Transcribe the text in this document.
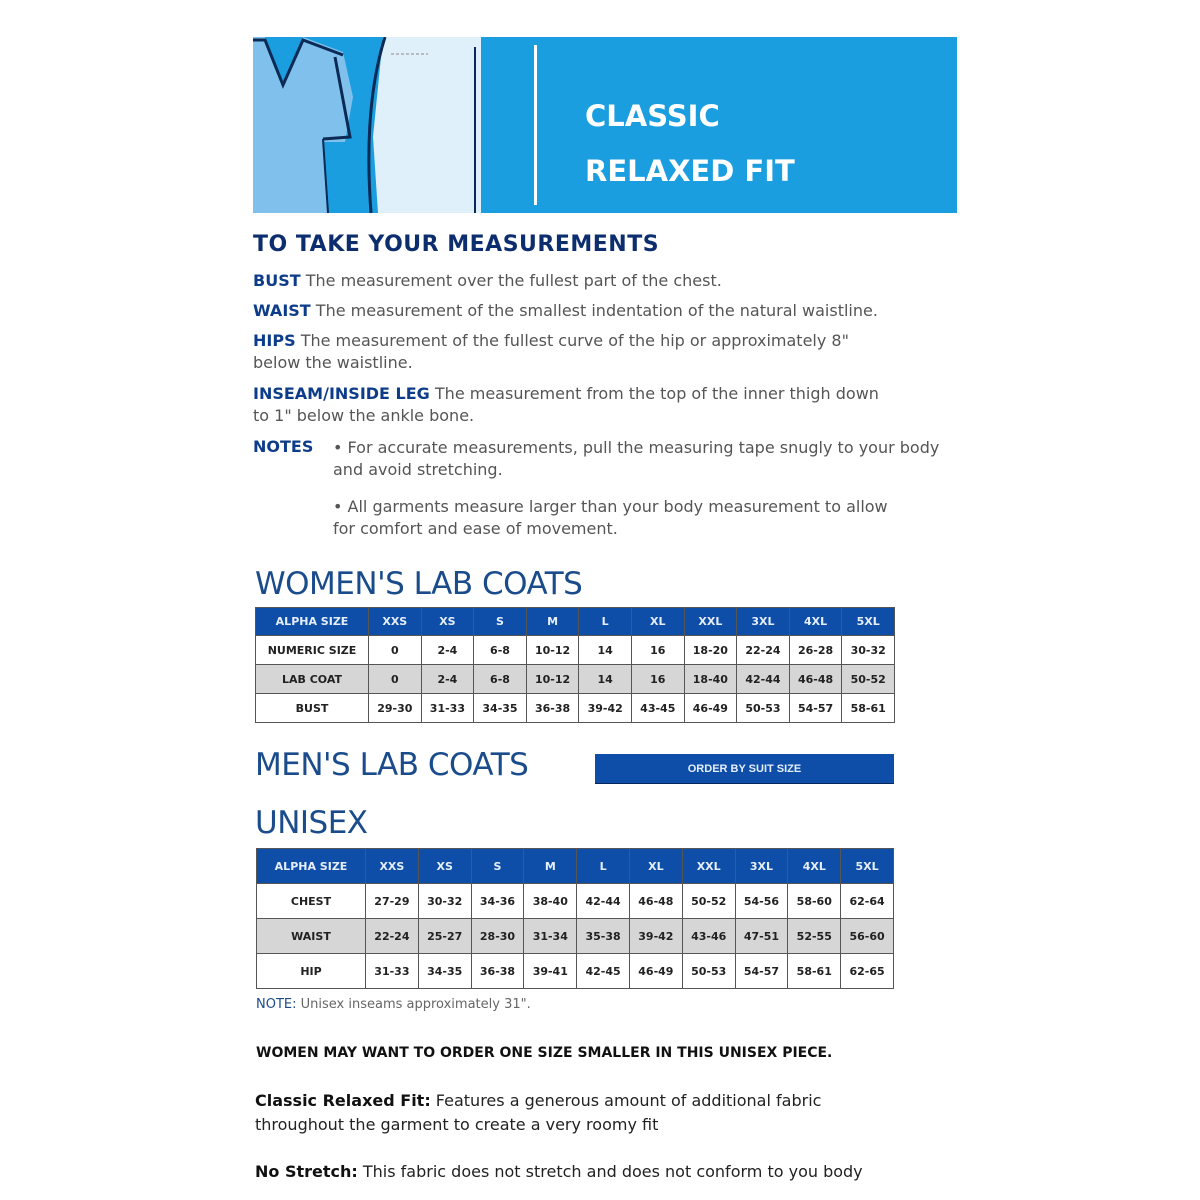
CLASSIC
RELAXED FIT
TO TAKE YOUR MEASUREMENTS
BUST The measurement over the fullest part of the chest.
WAIST The measurement of the smallest indentation of the natural waistline.
HIPS The measurement of the fullest curve of the hip or approximately 8" below the waistline.
INSEAM/INSIDE LEG The measurement from the top of the inner thigh down to 1" below the ankle bone.
NOTES • For accurate measurements, pull the measuring tape snugly to your body and avoid stretching.
• All garments measure larger than your body measurement to allow for comfort and ease of movement.
WOMEN'S LAB COATS
ALPHA SIZE	XXS	XS	S	M	L	XL	XXL	3XL	4XL	5XL
NUMERIC SIZE	0	2-4	6-8	10-12	14	16	18-20	22-24	26-28	30-32
LAB COAT	0	2-4	6-8	10-12	14	16	18-40	42-44	46-48	50-52
BUST	29-30	31-33	34-35	36-38	39-42	43-45	46-49	50-53	54-57	58-61
MEN'S LAB COATS	ORDER BY SUIT SIZE
UNISEX
ALPHA SIZE	XXS	XS	S	M	L	XL	XXL	3XL	4XL	5XL
CHEST	27-29	30-32	34-36	38-40	42-44	46-48	50-52	54-56	58-60	62-64
WAIST	22-24	25-27	28-30	31-34	35-38	39-42	43-46	47-51	52-55	56-60
HIP	31-33	34-35	36-38	39-41	42-45	46-49	50-53	54-57	58-61	62-65
NOTE: Unisex inseams approximately 31".
WOMEN MAY WANT TO ORDER ONE SIZE SMALLER IN THIS UNISEX PIECE.
Classic Relaxed Fit: Features a generous amount of additional fabric throughout the garment to create a very roomy fit
No Stretch: This fabric does not stretch and does not conform to you body
